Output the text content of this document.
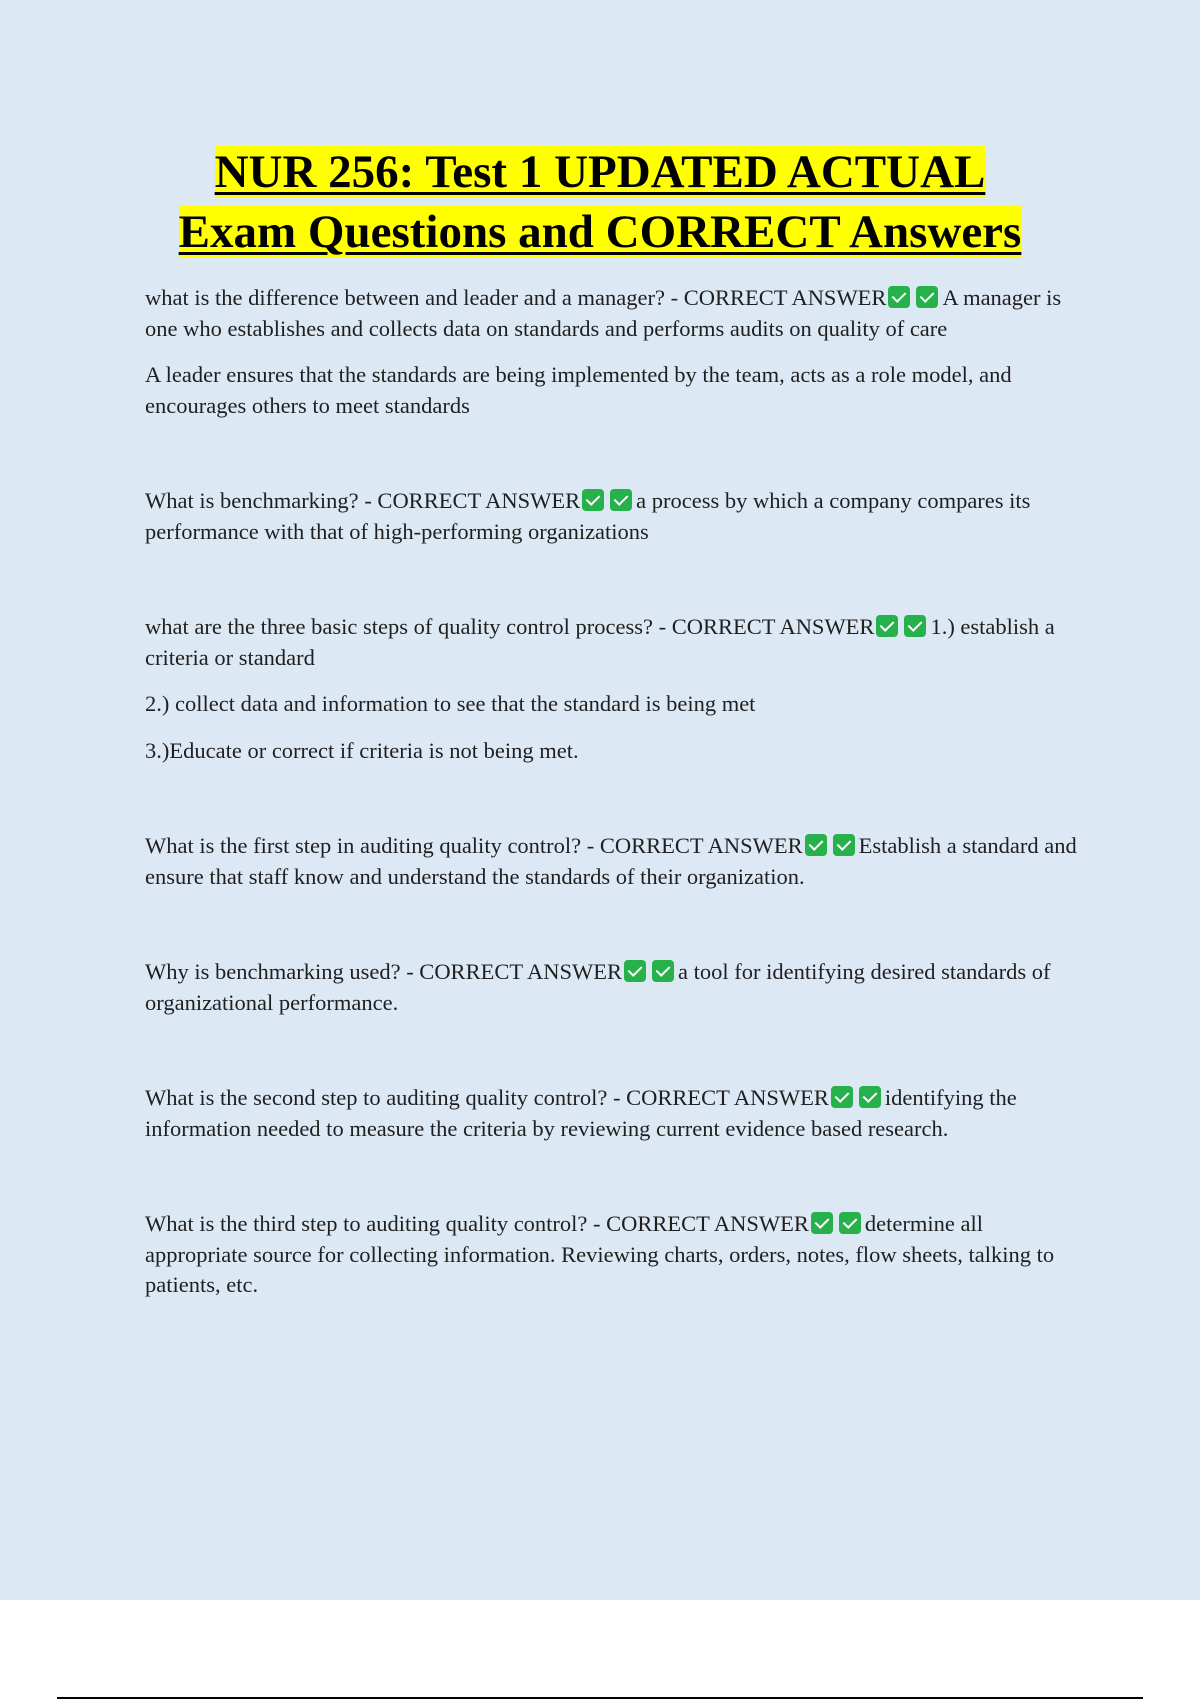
NUR 256: Test 1 UPDATED ACTUAL
Exam Questions and CORRECT Answers

what is the difference between and leader and a manager? - CORRECT ANSWER A manager is one who establishes and collects data on standards and performs audits on quality of care

A leader ensures that the standards are being implemented by the team, acts as a role model, and encourages others to meet standards

What is benchmarking? - CORRECT ANSWER a process by which a company compares its performance with that of high-performing organizations

what are the three basic steps of quality control process? - CORRECT ANSWER 1.) establish a criteria or standard

2.) collect data and information to see that the standard is being met

3.)Educate or correct if criteria is not being met.

What is the first step in auditing quality control? - CORRECT ANSWER Establish a standard and ensure that staff know and understand the standards of their organization.

Why is benchmarking used? - CORRECT ANSWER a tool for identifying desired standards of organizational performance.

What is the second step to auditing quality control? - CORRECT ANSWER identifying the information needed to measure the criteria by reviewing current evidence based research.

What is the third step to auditing quality control? - CORRECT ANSWER determine all appropriate source for collecting information. Reviewing charts, orders, notes, flow sheets, talking to patients, etc.
